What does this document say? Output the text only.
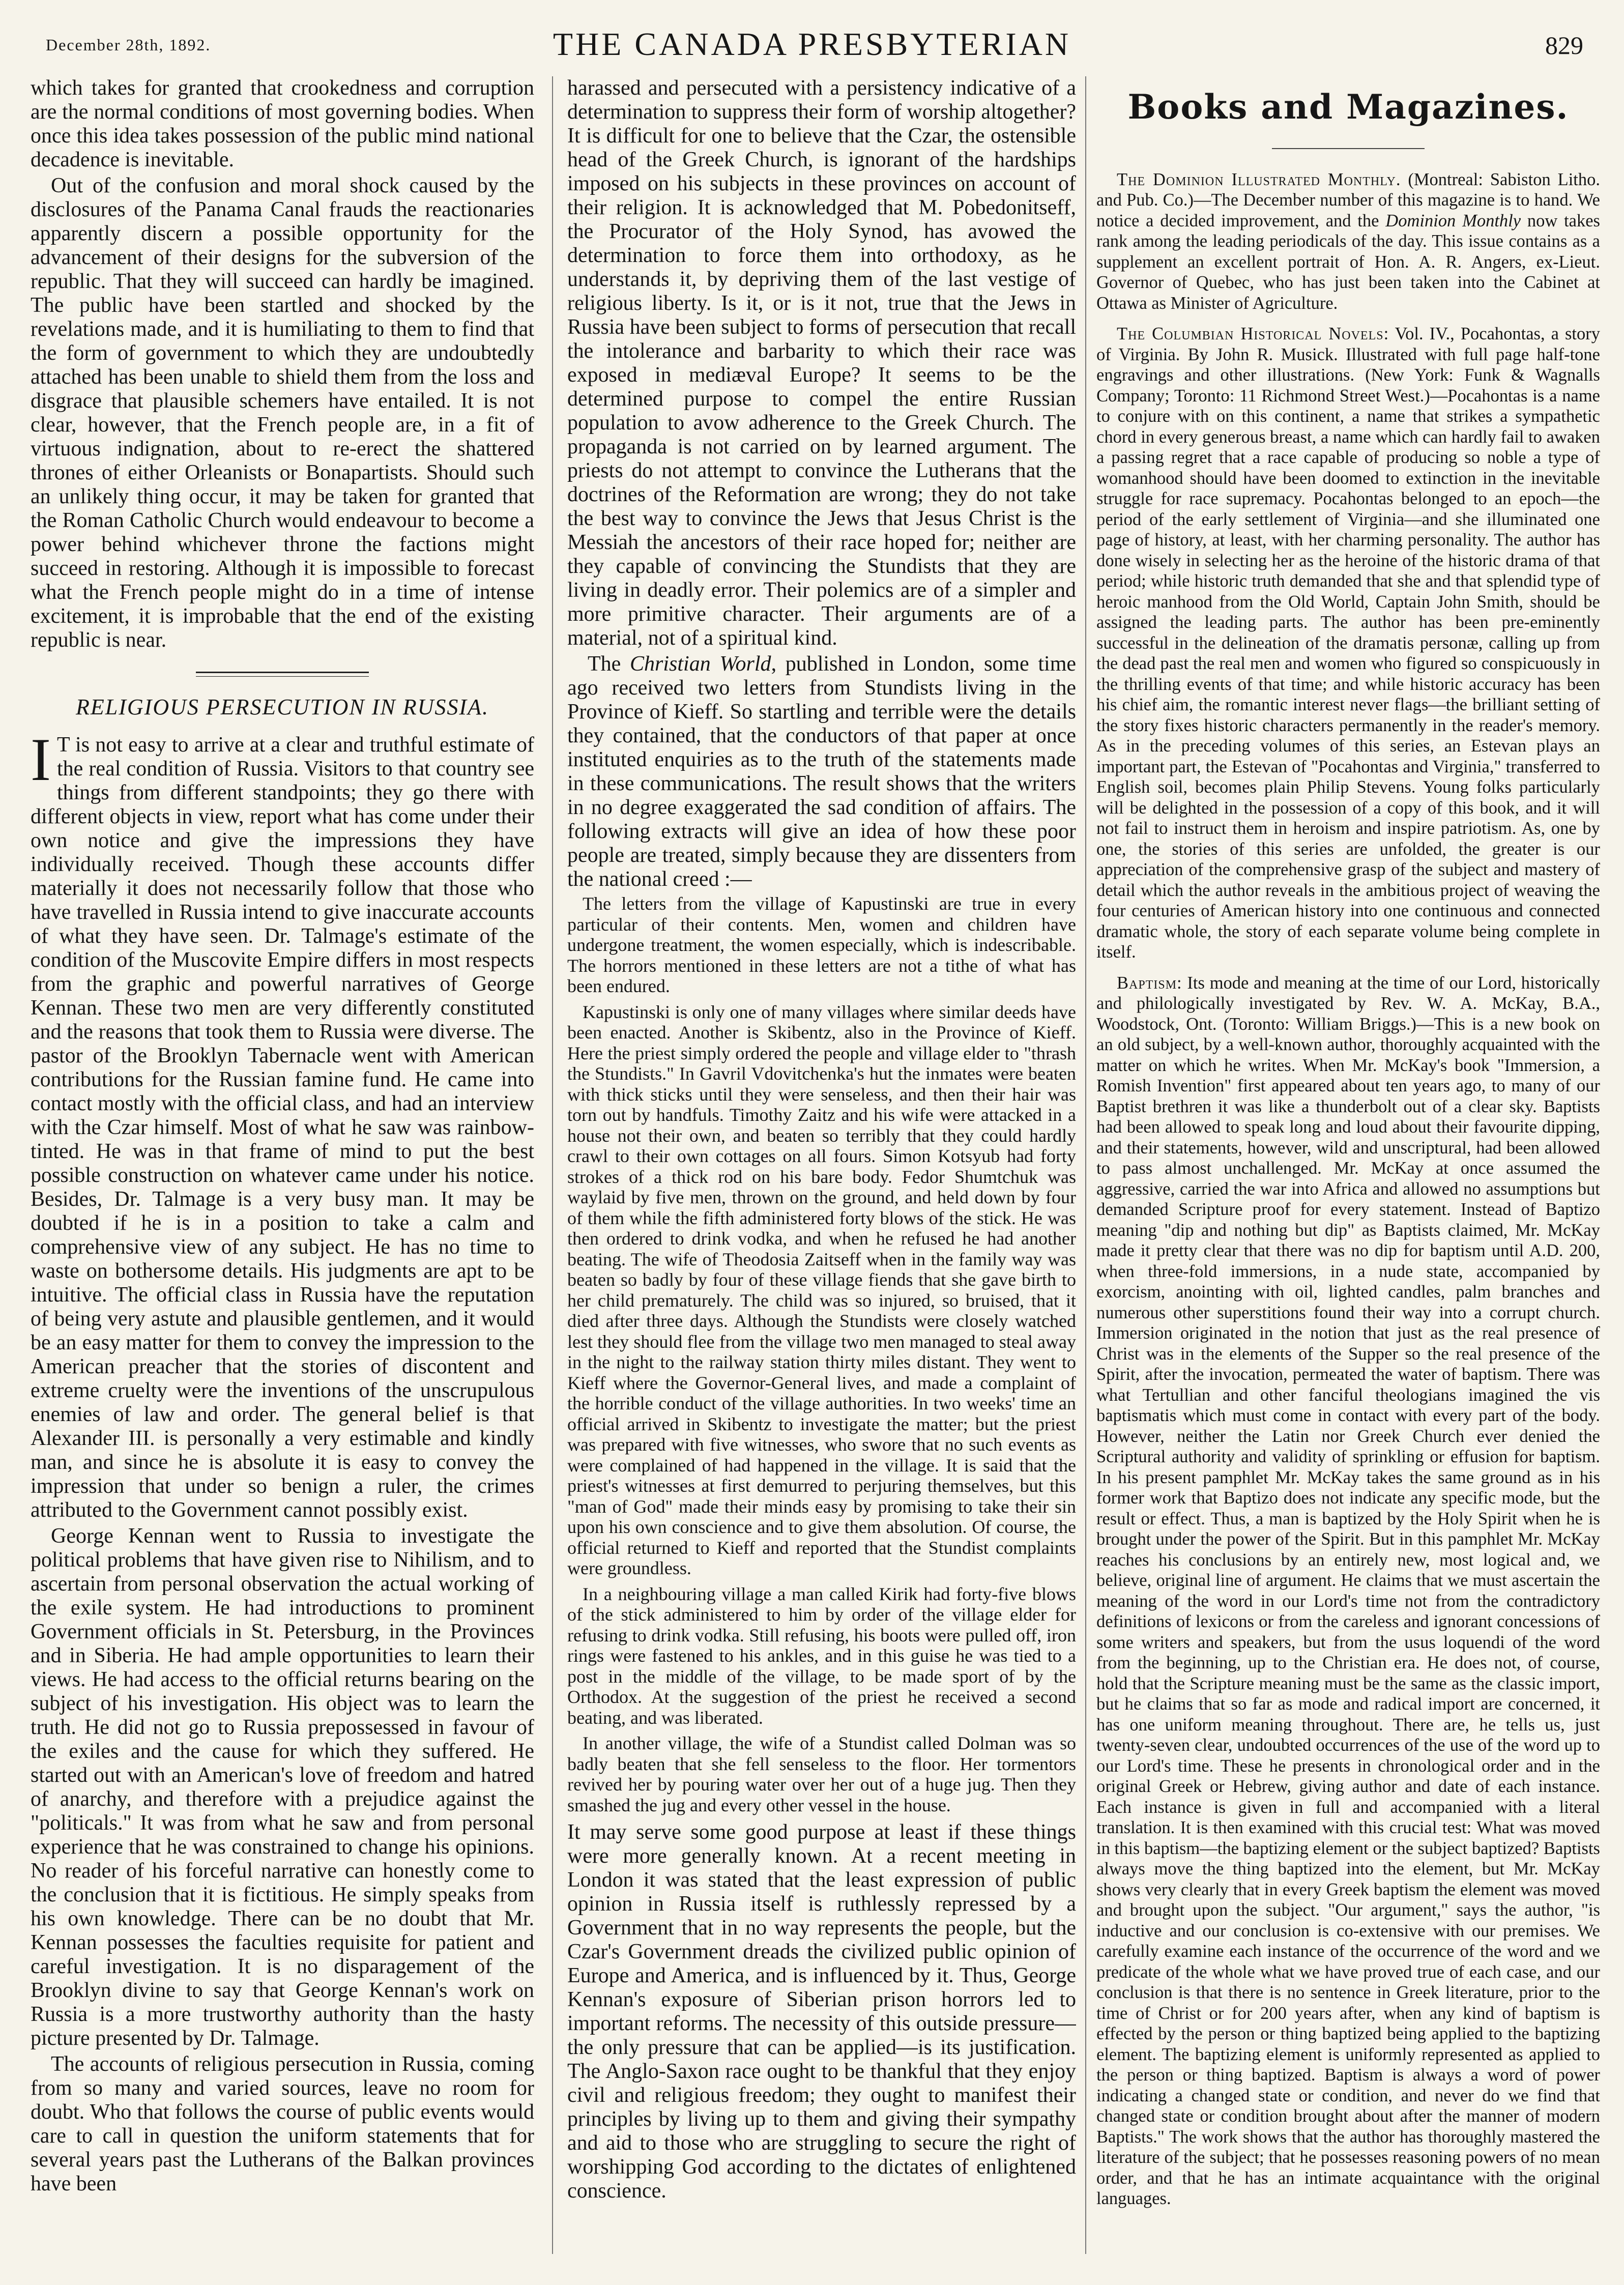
December 28th, 1892.	THE CANADA PRESBYTERIAN	829

which takes for granted that crookedness and corruption are the normal conditions of most governing bodies. When once this idea takes possession of the public mind national decadence is inevitable.

Out of the confusion and moral shock caused by the disclosures of the Panama Canal frauds the reactionaries apparently discern a possible opportunity for the advancement of their designs for the subversion of the republic. That they will succeed can hardly be imagined. The public have been startled and shocked by the revelations made, and it is humiliating to them to find that the form of government to which they are undoubtedly attached has been unable to shield them from the loss and disgrace that plausible schemers have entailed. It is not clear, however, that the French people are, in a fit of virtuous indignation, about to re-erect the shattered thrones of either Orleanists or Bonapartists. Should such an unlikely thing occur, it may be taken for granted that the Roman Catholic Church would endeavour to become a power behind whichever throne the factions might succeed in restoring. Although it is impossible to forecast what the French people might do in a time of intense excitement, it is improbable that the end of the existing republic is near.

RELIGIOUS PERSECUTION IN RUSSIA.

I T is not easy to arrive at a clear and truthful estimate of the real condition of Russia. Visitors to that country see things from different standpoints; they go there with different objects in view, report what has come under their own notice and give the impressions they have individually received. Though these accounts differ materially it does not necessarily follow that those who have travelled in Russia intend to give inaccurate accounts of what they have seen. Dr. Talmage's estimate of the condition of the Muscovite Empire differs in most respects from the graphic and powerful narratives of George Kennan. These two men are very differently constituted and the reasons that took them to Russia were diverse. The pastor of the Brooklyn Tabernacle went with American contributions for the Russian famine fund. He came into contact mostly with the official class, and had an interview with the Czar himself. Most of what he saw was rainbow-tinted. He was in that frame of mind to put the best possible construction on whatever came under his notice. Besides, Dr. Talmage is a very busy man. It may be doubted if he is in a position to take a calm and comprehensive view of any subject. He has no time to waste on bothersome details. His judgments are apt to be intuitive. The official class in Russia have the reputation of being very astute and plausible gentlemen, and it would be an easy matter for them to convey the impression to the American preacher that the stories of discontent and extreme cruelty were the inventions of the unscrupulous enemies of law and order. The general belief is that Alexander III. is personally a very estimable and kindly man, and since he is absolute it is easy to convey the impression that under so benign a ruler, the crimes attributed to the Government cannot possibly exist.

George Kennan went to Russia to investigate the political problems that have given rise to Nihilism, and to ascertain from personal observation the actual working of the exile system. He had introductions to prominent Government officials in St. Petersburg, in the Provinces and in Siberia. He had ample opportunities to learn their views. He had access to the official returns bearing on the subject of his investigation. His object was to learn the truth. He did not go to Russia prepossessed in favour of the exiles and the cause for which they suffered. He started out with an American's love of freedom and hatred of anarchy, and therefore with a prejudice against the "politicals." It was from what he saw and from personal experience that he was constrained to change his opinions. No reader of his forceful narrative can honestly come to the conclusion that it is fictitious. He simply speaks from his own knowledge. There can be no doubt that Mr. Kennan possesses the faculties requisite for patient and careful investigation. It is no disparagement of the Brooklyn divine to say that George Kennan's work on Russia is a more trustworthy authority than the hasty picture presented by Dr. Talmage.

The accounts of religious persecution in Russia, coming from so many and varied sources, leave no room for doubt. Who that follows the course of public events would care to call in question the uniform statements that for several years past the Lutherans of the Balkan provinces have been

harassed and persecuted with a persistency indicative of a determination to suppress their form of worship altogether? It is difficult for one to believe that the Czar, the ostensible head of the Greek Church, is ignorant of the hardships imposed on his subjects in these provinces on account of their religion. It is acknowledged that M. Pobedonitseff, the Procurator of the Holy Synod, has avowed the determination to force them into orthodoxy, as he understands it, by depriving them of the last vestige of religious liberty. Is it, or is it not, true that the Jews in Russia have been subject to forms of persecution that recall the intolerance and barbarity to which their race was exposed in mediæval Europe? It seems to be the determined purpose to compel the entire Russian population to avow adherence to the Greek Church. The propaganda is not carried on by learned argument. The priests do not attempt to convince the Lutherans that the doctrines of the Reformation are wrong; they do not take the best way to convince the Jews that Jesus Christ is the Messiah the ancestors of their race hoped for; neither are they capable of convincing the Stundists that they are living in deadly error. Their polemics are of a simpler and more primitive character. Their arguments are of a material, not of a spiritual kind.

The Christian World, published in London, some time ago received two letters from Stundists living in the Province of Kieff. So startling and terrible were the details they contained, that the conductors of that paper at once instituted enquiries as to the truth of the statements made in these communications. The result shows that the writers in no degree exaggerated the sad condition of affairs. The following extracts will give an idea of how these poor people are treated, simply because they are dissenters from the national creed :—

The letters from the village of Kapustinski are true in every particular of their contents. Men, women and children have undergone treatment, the women especially, which is indescribable. The horrors mentioned in these letters are not a tithe of what has been endured.

Kapustinski is only one of many villages where similar deeds have been enacted. Another is Skibentz, also in the Province of Kieff. Here the priest simply ordered the people and village elder to "thrash the Stundists." In Gavril Vdovitchenka's hut the inmates were beaten with thick sticks until they were senseless, and then their hair was torn out by handfuls. Timothy Zaitz and his wife were attacked in a house not their own, and beaten so terribly that they could hardly crawl to their own cottages on all fours. Simon Kotsyub had forty strokes of a thick rod on his bare body. Fedor Shumtchuk was waylaid by five men, thrown on the ground, and held down by four of them while the fifth administered forty blows of the stick. He was then ordered to drink vodka, and when he refused he had another beating. The wife of Theodosia Zaitseff when in the family way was beaten so badly by four of these village fiends that she gave birth to her child prematurely. The child was so injured, so bruised, that it died after three days. Although the Stundists were closely watched lest they should flee from the village two men managed to steal away in the night to the railway station thirty miles distant. They went to Kieff where the Governor-General lives, and made a complaint of the horrible conduct of the village authorities. In two weeks' time an official arrived in Skibentz to investigate the matter; but the priest was prepared with five witnesses, who swore that no such events as were complained of had happened in the village. It is said that the priest's witnesses at first demurred to perjuring themselves, but this "man of God" made their minds easy by promising to take their sin upon his own conscience and to give them absolution. Of course, the official returned to Kieff and reported that the Stundist complaints were groundless.

In a neighbouring village a man called Kirik had forty-five blows of the stick administered to him by order of the village elder for refusing to drink vodka. Still refusing, his boots were pulled off, iron rings were fastened to his ankles, and in this guise he was tied to a post in the middle of the village, to be made sport of by the Orthodox. At the suggestion of the priest he received a second beating, and was liberated.

In another village, the wife of a Stundist called Dolman was so badly beaten that she fell senseless to the floor. Her tormentors revived her by pouring water over her out of a huge jug. Then they smashed the jug and every other vessel in the house.

It may serve some good purpose at least if these things were more generally known. At a recent meeting in London it was stated that the least expression of public opinion in Russia itself is ruthlessly repressed by a Government that in no way represents the people, but the Czar's Government dreads the civilized public opinion of Europe and America, and is influenced by it. Thus, George Kennan's exposure of Siberian prison horrors led to important reforms. The necessity of this outside pressure—the only pressure that can be applied—is its justification. The Anglo-Saxon race ought to be thankful that they enjoy civil and religious freedom; they ought to manifest their principles by living up to them and giving their sympathy and aid to those who are struggling to secure the right of worshipping God according to the dictates of enlightened conscience.

Books and Magazines.

The Dominion Illustrated Monthly. (Montreal: Sabiston Litho. and Pub. Co.)—The December number of this magazine is to hand. We notice a decided improvement, and the Dominion Monthly now takes rank among the leading periodicals of the day. This issue contains as a supplement an excellent portrait of Hon. A. R. Angers, ex-Lieut. Governor of Quebec, who has just been taken into the Cabinet at Ottawa as Minister of Agriculture.

The Columbian Historical Novels: Vol. IV., Pocahontas, a story of Virginia. By John R. Musick. Illustrated with full page half-tone engravings and other illustrations. (New York: Funk & Wagnalls Company; Toronto: 11 Richmond Street West.)—Pocahontas is a name to conjure with on this continent, a name that strikes a sympathetic chord in every generous breast, a name which can hardly fail to awaken a passing regret that a race capable of producing so noble a type of womanhood should have been doomed to extinction in the inevitable struggle for race supremacy. Pocahontas belonged to an epoch—the period of the early settlement of Virginia—and she illuminated one page of history, at least, with her charming personality. The author has done wisely in selecting her as the heroine of the historic drama of that period; while historic truth demanded that she and that splendid type of heroic manhood from the Old World, Captain John Smith, should be assigned the leading parts. The author has been pre-eminently successful in the delineation of the dramatis personæ, calling up from the dead past the real men and women who figured so conspicuously in the thrilling events of that time; and while historic accuracy has been his chief aim, the romantic interest never flags—the brilliant setting of the story fixes historic characters permanently in the reader's memory. As in the preceding volumes of this series, an Estevan plays an important part, the Estevan of "Pocahontas and Virginia," transferred to English soil, becomes plain Philip Stevens. Young folks particularly will be delighted in the possession of a copy of this book, and it will not fail to instruct them in heroism and inspire patriotism. As, one by one, the stories of this series are unfolded, the greater is our appreciation of the comprehensive grasp of the subject and mastery of detail which the author reveals in the ambitious project of weaving the four centuries of American history into one continuous and connected dramatic whole, the story of each separate volume being complete in itself.

Baptism: Its mode and meaning at the time of our Lord, historically and philologically investigated by Rev. W. A. McKay, B.A., Woodstock, Ont. (Toronto: William Briggs.)—This is a new book on an old subject, by a well-known author, thoroughly acquainted with the matter on which he writes. When Mr. McKay's book "Immersion, a Romish Invention" first appeared about ten years ago, to many of our Baptist brethren it was like a thunderbolt out of a clear sky. Baptists had been allowed to speak long and loud about their favourite dipping, and their statements, however, wild and unscriptural, had been allowed to pass almost unchallenged. Mr. McKay at once assumed the aggressive, carried the war into Africa and allowed no assumptions but demanded Scripture proof for every statement. Instead of Baptizo meaning "dip and nothing but dip" as Baptists claimed, Mr. McKay made it pretty clear that there was no dip for baptism until A.D. 200, when three-fold immersions, in a nude state, accompanied by exorcism, anointing with oil, lighted candles, palm branches and numerous other superstitions found their way into a corrupt church. Immersion originated in the notion that just as the real presence of Christ was in the elements of the Supper so the real presence of the Spirit, after the invocation, permeated the water of baptism. There was what Tertullian and other fanciful theologians imagined the vis baptismatis which must come in contact with every part of the body. However, neither the Latin nor Greek Church ever denied the Scriptural authority and validity of sprinkling or effusion for baptism. In his present pamphlet Mr. McKay takes the same ground as in his former work that Baptizo does not indicate any specific mode, but the result or effect. Thus, a man is baptized by the Holy Spirit when he is brought under the power of the Spirit. But in this pamphlet Mr. McKay reaches his conclusions by an entirely new, most logical and, we believe, original line of argument. He claims that we must ascertain the meaning of the word in our Lord's time not from the contradictory definitions of lexicons or from the careless and ignorant concessions of some writers and speakers, but from the usus loquendi of the word from the beginning, up to the Christian era. He does not, of course, hold that the Scripture meaning must be the same as the classic import, but he claims that so far as mode and radical import are concerned, it has one uniform meaning throughout. There are, he tells us, just twenty-seven clear, undoubted occurrences of the use of the word up to our Lord's time. These he presents in chronological order and in the original Greek or Hebrew, giving author and date of each instance. Each instance is given in full and accompanied with a literal translation. It is then examined with this crucial test: What was moved in this baptism—the baptizing element or the subject baptized? Baptists always move the thing baptized into the element, but Mr. McKay shows very clearly that in every Greek baptism the element was moved and brought upon the subject. "Our argument," says the author, "is inductive and our conclusion is co-extensive with our premises. We carefully examine each instance of the occurrence of the word and we predicate of the whole what we have proved true of each case, and our conclusion is that there is no sentence in Greek literature, prior to the time of Christ or for 200 years after, when any kind of baptism is effected by the person or thing baptized being applied to the baptizing element. The baptizing element is uniformly represented as applied to the person or thing baptized. Baptism is always a word of power indicating a changed state or condition, and never do we find that changed state or condition brought about after the manner of modern Baptists." The work shows that the author has thoroughly mastered the literature of the subject; that he possesses reasoning powers of no mean order, and that he has an intimate acquaintance with the original languages.
